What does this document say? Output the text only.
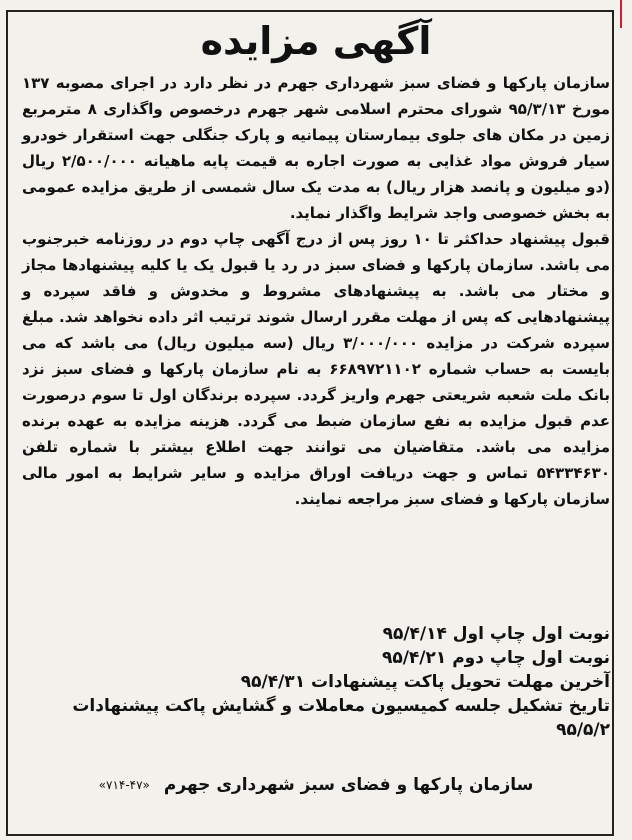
آگهی مزایده

سازمان پارکها و فضای سبز شهرداری جهرم در نظر دارد در اجرای مصوبه ۱۳۷ مورخ ۹۵/۳/۱۳ شورای محترم اسلامی شهر جهرم درخصوص واگذاری ۸ مترمربع زمین در مکان های جلوی بیمارستان پیمانیه و پارک جنگلی جهت استقرار خودرو سیار فروش مواد غذایی به صورت اجاره به قیمت پایه ماهیانه ۲/۵۰۰/۰۰۰ ریال (دو میلیون و پانصد هزار ریال) به مدت یک سال شمسی از طریق مزایده عمومی به بخش خصوصی واجد شرایط واگذار نماید.

قبول پیشنهاد حداکثر تا ۱۰ روز پس از درج آگهی چاپ دوم در روزنامه خبرجنوب می باشد. سازمان پارکها و فضای سبز در رد یا قبول یک یا کلیه پیشنهادها مجاز و مختار می باشد. به پیشنهادهای مشروط و مخدوش و فاقد سپرده و پیشنهادهایی که پس از مهلت مقرر ارسال شوند ترتیب اثر داده نخواهد شد. مبلغ سپرده شرکت در مزایده ۳/۰۰۰/۰۰۰ ریال (سه میلیون ریال) می باشد که می بایست به حساب شماره ۶۶۸۹۷۲۱۱۰۲ به نام سازمان پارکها و فضای سبز نزد بانک ملت شعبه شریعتی جهرم واریز گردد. سپرده برندگان اول تا سوم درصورت عدم قبول مزایده به نفع سازمان ضبط می گردد. هزینه مزایده به عهده برنده مزایده می باشد. متقاضیان می توانند جهت اطلاع بیشتر با شماره تلفن ۵۴۳۳۴۶۳۰ تماس و جهت دریافت اوراق مزایده و سایر شرایط به امور مالی سازمان پارکها و فضای سبز مراجعه نمایند.

نوبت اول چاپ اول ۹۵/۴/۱۴
نوبت اول چاپ دوم ۹۵/۴/۲۱
آخرین مهلت تحویل پاکت پیشنهادات ۹۵/۴/۳۱
تاریخ تشکیل جلسه کمیسیون معاملات و گشایش پاکت پیشنهادات
۹۵/۵/۲
سازمان پارکها و فضای سبز شهرداری جهرم
«۷۱۴-۴۷»
